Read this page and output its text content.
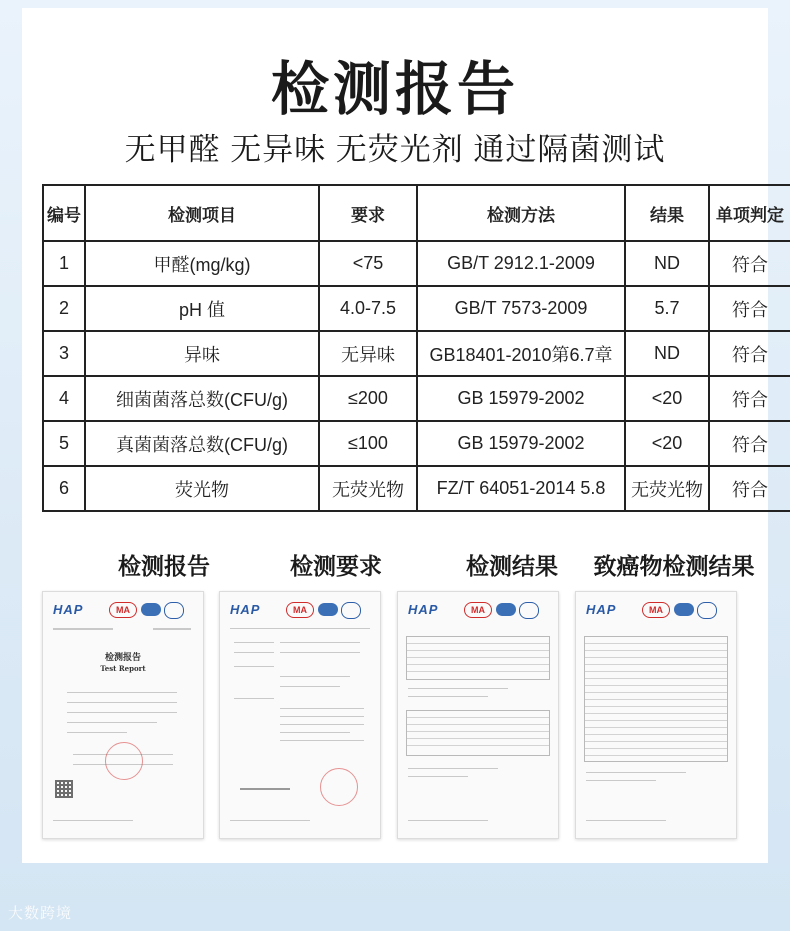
检测报告
无甲醛 无异味 无荧光剂 通过隔菌测试
编号	检测项目	要求	检测方法	结果	单项判定
1	甲醛(mg/kg)	<75	GB/T 2912.1-2009	ND	符合
2	pH 值	4.0-7.5	GB/T 7573-2009	5.7	符合
3	异味	无异味	GB18401-2010第6.7章	ND	符合
4	细菌菌落总数(CFU/g)	≤200	GB 15979-2002	<20	符合
5	真菌菌落总数(CFU/g)	≤100	GB 15979-2002	<20	符合
6	荧光物	无荧光物	FZ/T 64051-2014 5.8	无荧光物	符合
检测报告	检测要求	检测结果	致癌物检测结果
HAP	MA
检测报告
Test Report
HAP	MA	HAP	MA	HAP	MA
大数跨境
